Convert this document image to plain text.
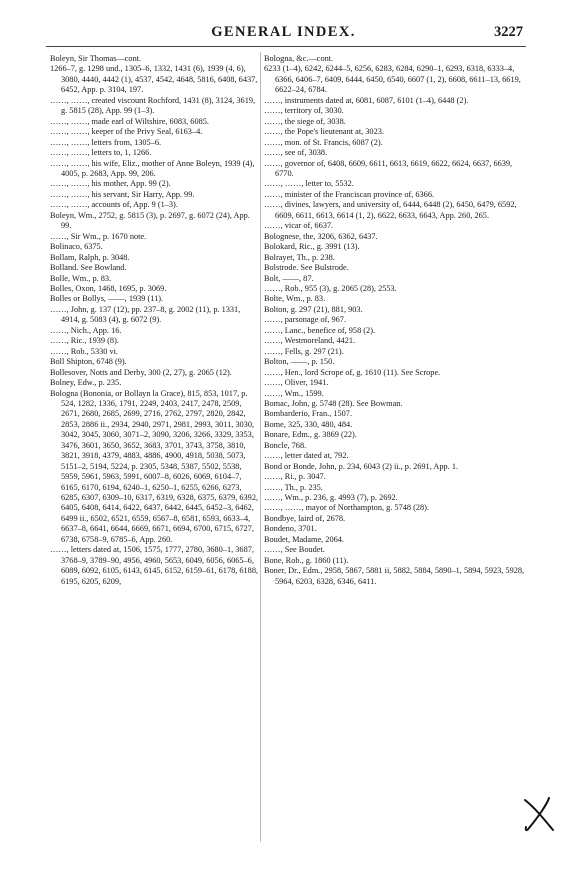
GENERAL INDEX.	3227

Boleyn, Sir Thomas—cont.

1266–7, g. 1298 und., 1305–6, 1332, 1431 (6), 1939 (4, 6), 3080, 4440, 4442 (1), 4537, 4542, 4648, 5816, 6408, 6437, 6452, App. p. 3104, 197.

……, ……, created viscount Rochford, 1431 (8), 3124, 3619, g. 5815 (28), App. 99 (1–3).

……, ……, made earl of Wiltshire, 6083, 6085.

……, ……, keeper of the Privy Seal, 6163–4.

……, ……, letters from, 1305–6.

……, ……, letters to, 1, 1266.

……, ……, his wife, Eliz., mother of Anne Boleyn, 1939 (4), 4005, p. 2683, App. 99, 206.

……, ……, his mother, App. 99 (2).

……, ……, his servant, Sir Harry, App. 99.

……, ……, accounts of, App. 9 (1–3).

Boleyn, Wm., 2752, g. 5815 (3), p. 2697, g. 6072 (24), App. 99.

……, Sir Wm., p. 1670 note.

Bolinaco, 6375.

Bollam, Ralph, p. 3048.

Bolland. See Bowland.

Bolle, Wm., p. 83.

Bolles, Oxon, 1468, 1695, p. 3069.

Bolles or Bollys, ——, 1939 (11).

……, John, g. 137 (12), pp. 237–8, g. 2002 (11), p. 1331, 4914, g. 5083 (4), g. 6072 (9).

……, Nich., App. 16.

……, Ric., 1939 (8).

……, Rob., 5330 vi.

Boll Shipton, 6748 (9).

Bollesover, Notts and Derby, 300 (2, 27), g. 2065 (12).

Bolney, Edw., p. 235.

Bologna (Bononia, or Bollayn la Grace), 815, 853, 1017, p. 524, 1282, 1336, 1791, 2249, 2403, 2417, 2478, 2509, 2671, 2680, 2685, 2699, 2716, 2762, 2797, 2820, 2842, 2853, 2886 ii., 2934, 2940, 2971, 2981, 2993, 3011, 3030, 3042, 3045, 3060, 3071–2, 3090, 3206, 3266, 3329, 3353, 3476, 3601, 3650, 3652, 3683, 3701, 3743, 3758, 3810, 3821, 3918, 4379, 4883, 4886, 4900, 4918, 5038, 5073, 5151–2, 5194, 5224, p. 2305, 5348, 5387, 5502, 5538, 5959, 5961, 5963, 5991, 6007–8, 6026, 6069, 6104–7, 6165, 6170, 6194, 6240–1, 6250–1, 6255, 6266, 6273, 6285, 6307, 6309–10, 6317, 6319, 6328, 6375, 6379, 6392, 6405, 6408, 6414, 6422, 6437, 6442, 6445, 6452–3, 6462, 6499 ii., 6502, 6521, 6559, 6567–8, 6581, 6593, 6633–4, 6637–8, 6641, 6644, 6669, 6671, 6694, 6700, 6715, 6727, 6738, 6758–9, 6785–6, App. 260.

……, letters dated at, 1506, 1575, 1777, 2780, 3680–1, 3687, 3768–9, 3789–90, 4956, 4960, 5653, 6049, 6056, 6065–6, 6089, 6092, 6105, 6143, 6145, 6152, 6159–61, 6178, 6188, 6195, 6205, 6209,

Bologna, &c.—cont.

6233 (1–4), 6242, 6244–5, 6256, 6283, 6284, 6290–1, 6293, 6318, 6333–4, 6366, 6406–7, 6409, 6444, 6450, 6540, 6607 (1, 2), 6608, 6611–13, 6619, 6622–24, 6784.

……, instruments dated at, 6081, 6087, 6101 (1–4), 6448 (2).

……, territory of, 3030.

……, the siege of, 3038.

……, the Pope's lieutenant at, 3023.

……, mon. of St. Francis, 6087 (2).

……, see of, 3038.

……, governor of, 6408, 6609, 6611, 6613, 6619, 6622, 6624, 6637, 6639, 6770.

……, ……, letter to, 5532.

……, minister of the Franciscan province of, 6366.

……, divines, lawyers, and university of, 6444, 6448 (2), 6450, 6479, 6592, 6609, 6611, 6613, 6614 (1, 2), 6622, 6633, 6643, App. 260, 265.

……, vicar of, 6637.

Bolognese, the, 3206, 6362, 6437.

Bolokard, Ric., g. 3991 (13).

Bolrayet, Th., p. 238.

Bolstrode. See Bulstrode.

Bolt, ——, 87.

……, Rob., 955 (3), g. 2065 (28), 2553.

Bolte, Wm., p. 83.

Bolton, g. 297 (21), 881, 903.

……, parsonage of, 967.

……, Lanc., benefice of, 958 (2).

……, Westmoreland, 4421.

……, Fells, g. 297 (21).

Bolton, ——, p. 150.

……, Hen., lord Scrope of, g. 1610 (11). See Scrope.

……, Oliver, 1941.

……, Wm., 1599.

Bomac, John, g. 5748 (28). See Bowman.

Bombarderio, Fran., 1507.

Bome, 325, 330, 480, 484.

Bonare, Edm., g. 3869 (22).

Boncle, 768.

……, letter dated at, 792.

Bond or Bonde, John, p. 234, 6043 (2) ii., p. 2691, App. 1.

……, Ri., p. 3047.

……, Th., p. 235.

……, Wm., p. 236, g. 4993 (7), p. 2692.

……, ……, mayor of Northampton, g. 5748 (28).

Bondbye, laird of, 2678.

Bondeno, 3701.

Boudet, Madame, 2064.

……, See Boudet.

Bone, Rob., g. 1860 (11).

Boner, Dr., Edm., 2958, 5867, 5881 ii, 5882, 5884, 5890–1, 5894, 5923, 5928, 5964, 6203, 6328, 6346, 6411.
